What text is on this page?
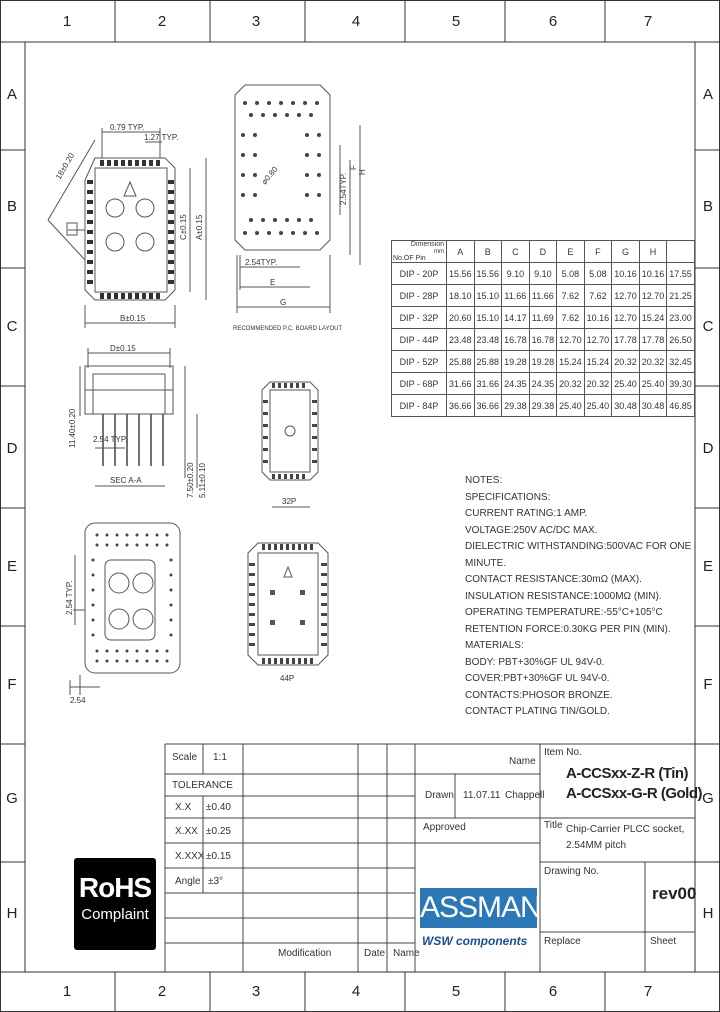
1	2	3	4	5	6	7
1	2	3	4	5	6	7
A
B
C
D
E
F
G
H
A
B
C
D
E
F
G
H
0.79 TYP.
1.27 TYP.
18±0.20
C±0.15 A±0.15
B±0.15
2.54TYP.
F
H
⌀0.80
2.54TYP.
E
G
RECOMMENDED P.C. BOARD LAYOUT
D±0.15
11.40±0.20
7.50±0.20 5.11±0.10
2.54 TYP.
SEC A-A
32P
44P
2.54 TYP.
2.54
Dimension
mm
No.OF Pin	A	B	C	D	E	F	G	H	
DIP - 20P	15.56	15.56	9.10	9.10	5.08	5.08	10.16	10.16	17.55
DIP - 28P	18.10	15.10	11.66	11.66	7.62	7.62	12.70	12.70	21.25
DIP - 32P	20.60	15.10	14.17	11.69	7.62	10.16	12.70	15.24	23.00
DIP - 44P	23.48	23.48	16.78	16.78	12.70	12.70	17.78	17.78	26.50
DIP - 52P	25.88	25.88	19.28	19.28	15.24	15.24	20.32	20.32	32.45
DIP - 68P	31.66	31.66	24.35	24.35	20.32	20.32	25.40	25.40	39.30
DIP - 84P	36.66	36.66	29.38	29.38	25.40	25.40	30.48	30.48	46.85
NOTES:
SPECIFICATIONS:
CURRENT RATING:1 AMP.
VOLTAGE:250V AC/DC MAX.
DIELECTRIC WITHSTANDING:500VAC FOR ONE MINUTE.
CONTACT RESISTANCE:30mΩ (MAX).
INSULATION RESISTANCE:1000MΩ (MIN).
OPERATING TEMPERATURE:-55°C+105°C
RETENTION FORCE:0.30KG PER PIN (MIN).
MATERIALS:
BODY: PBT+30%GF UL 94V-0.
COVER:PBT+30%GF UL 94V-0.
CONTACTS:PHOSOR BRONZE.
CONTACT PLATING TIN/GOLD.
Scale 1:1
TOLERANCE
X.X ±0.40
X.XX ±0.25
X.XXX ±0.15
Angle ±3°
Name
Drawn 11.07.11 Chappell
Approved
Modification	Date Name
Item No.
A-CCSxx-Z-R (Tin)
A-CCSxx-G-R (Gold)
Title Chip-Carrier PLCC socket,
2.54MM pitch
Drawing No.
rev00
Replace	Sheet
RoHS
Complaint	ASSMANN
WSW components
